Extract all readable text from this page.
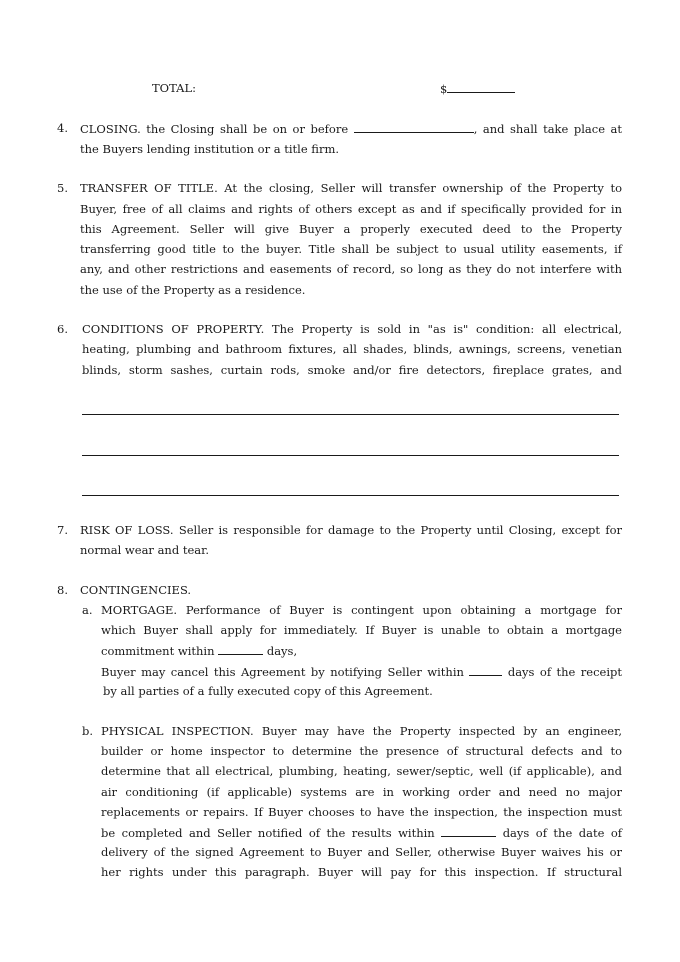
TOTAL:	$
4. CLOSING. the Closing shall be on or before	, and shall take place at
the Buyers lending institution or a title firm.
5. TRANSFER OF TITLE. At the closing, Seller will transfer ownership of the Property to
Buyer, free of all claims and rights of others except as and if specifically provided for in
this Agreement. Seller will give Buyer a properly executed deed to the Property
transferring good title to the buyer. Title shall be subject to usual utility easements, if
any, and other restrictions and easements of record, so long as they do not interfere with
the use of the Property as a residence.
6. CONDITIONS OF PROPERTY. The Property is sold in "as is" condition: all electrical,
heating, plumbing and bathroom fixtures, all shades, blinds, awnings, screens, venetian
blinds, storm sashes, curtain rods, smoke and/or fire detectors, fireplace grates, and
7. RISK OF LOSS. Seller is responsible for damage to the Property until Closing, except for
normal wear and tear.
8. CONTINGENCIES.
a. MORTGAGE. Performance of Buyer is contingent upon obtaining a mortgage for
which Buyer shall apply for immediately. If Buyer is unable to obtain a mortgage
commitment within	days,
Buyer may cancel this Agreement by notifying Seller within	days of the receipt
by all parties of a fully executed copy of this Agreement.
b. PHYSICAL INSPECTION. Buyer may have the Property inspected by an engineer,
builder or home inspector to determine the presence of structural defects and to
determine that all electrical, plumbing, heating, sewer/septic, well (if applicable), and
air conditioning (if applicable) systems are in working order and need no major
replacements or repairs. If Buyer chooses to have the inspection, the inspection must
be completed and Seller notified of the results within	days of the date of
delivery of the signed Agreement to Buyer and Seller, otherwise Buyer waives his or
her rights under this paragraph. Buyer will pay for this inspection. If structural
